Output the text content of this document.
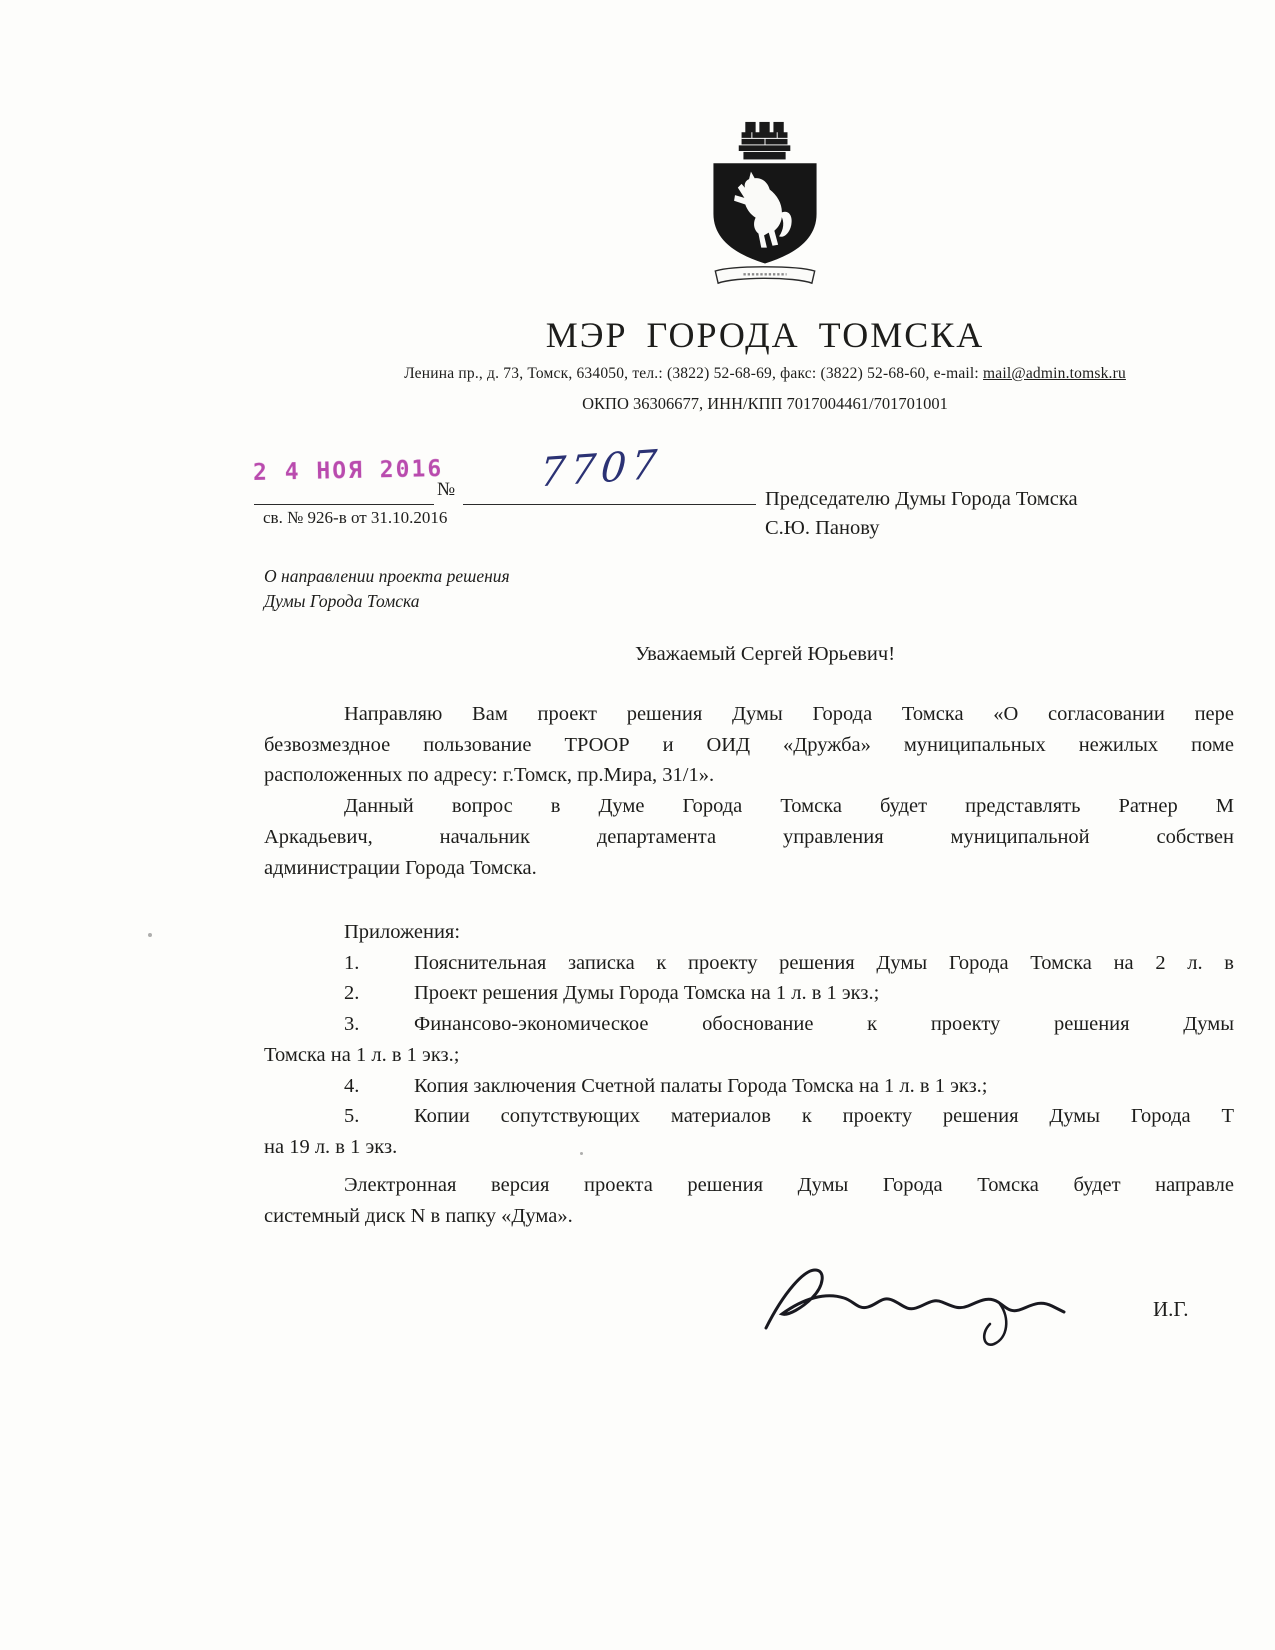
МЭР ГОРОДА ТОМСКА
Ленина пр., д. 73, Томск, 634050, тел.: (3822) 52-68-69, факс: (3822) 52-68-60, e-mail: mail@admin.tomsk.ru
ОКПО 36306677, ИНН/КПП 7017004461/701701001
2 4 НОЯ 2016
№ 7707
св. № 926-в от 31.10.2016
Председателю Думы Города Томска
С.Ю. Панову
О направлении проекта решения
Думы Города Томска
Уважаемый Сергей Юрьевич!
Направляю Вам проект решения Думы Города Томска «О согласовании пере
безвозмездное пользование ТРООР и ОИД «Дружба» муниципальных нежилых поме
расположенных по адресу: г.Томск, пр.Мира, 31/1».
Данный вопрос в Думе Города Томска будет представлять Ратнер М
Аркадьевич, начальник департамента управления муниципальной собствен
администрации Города Томска.
Приложения:
1.	Пояснительная записка к проекту решения Думы Города Томска на 2 л. в
2.	Проект решения Думы Города Томска на 1 л. в 1 экз.;
3.	Финансово-экономическое обоснование к проекту решения Думы
Томска на 1 л. в 1 экз.;
4.	Копия заключения Счетной палаты Города Томска на 1 л. в 1 экз.;
5.	Копии сопутствующих материалов к проекту решения Думы Города Т
на 19 л. в 1 экз.
Электронная версия проекта решения Думы Города Томска будет направле
системный диск N в папку «Дума».
И.Г.
